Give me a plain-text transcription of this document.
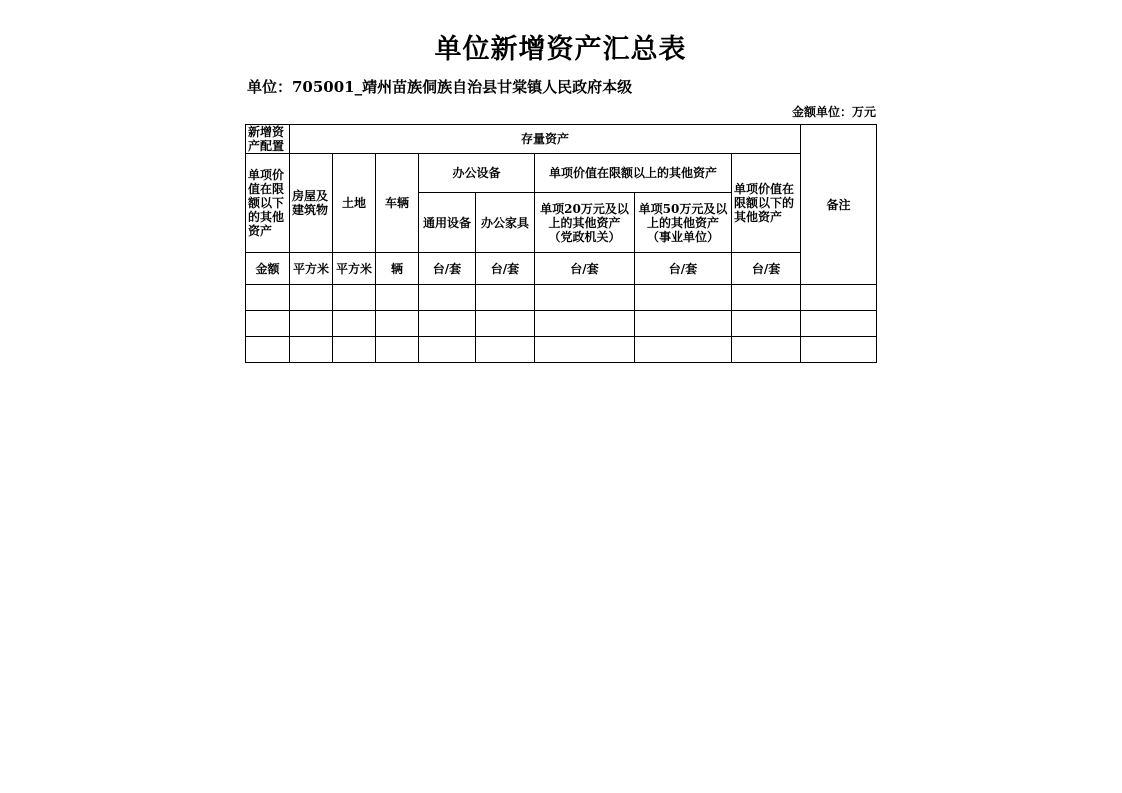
单位新增资产汇总表
单位：705001_靖州苗族侗族自治县甘棠镇人民政府本级
金额单位：万元
新增资产配置	存量资产								备注
单项价值在限额以下的其他资产	房屋及建筑物	土地	车辆	办公设备		单项价值在限额以上的其他资产		单项价值在限额以下的其他资产	
				通用设备	办公家具	单项20万元及以上的其他资产（党政机关）	单项50万元及以上的其他资产（事业单位）		
金额	平方米	平方米	辆	台/套	台/套	台/套	台/套	台/套	
